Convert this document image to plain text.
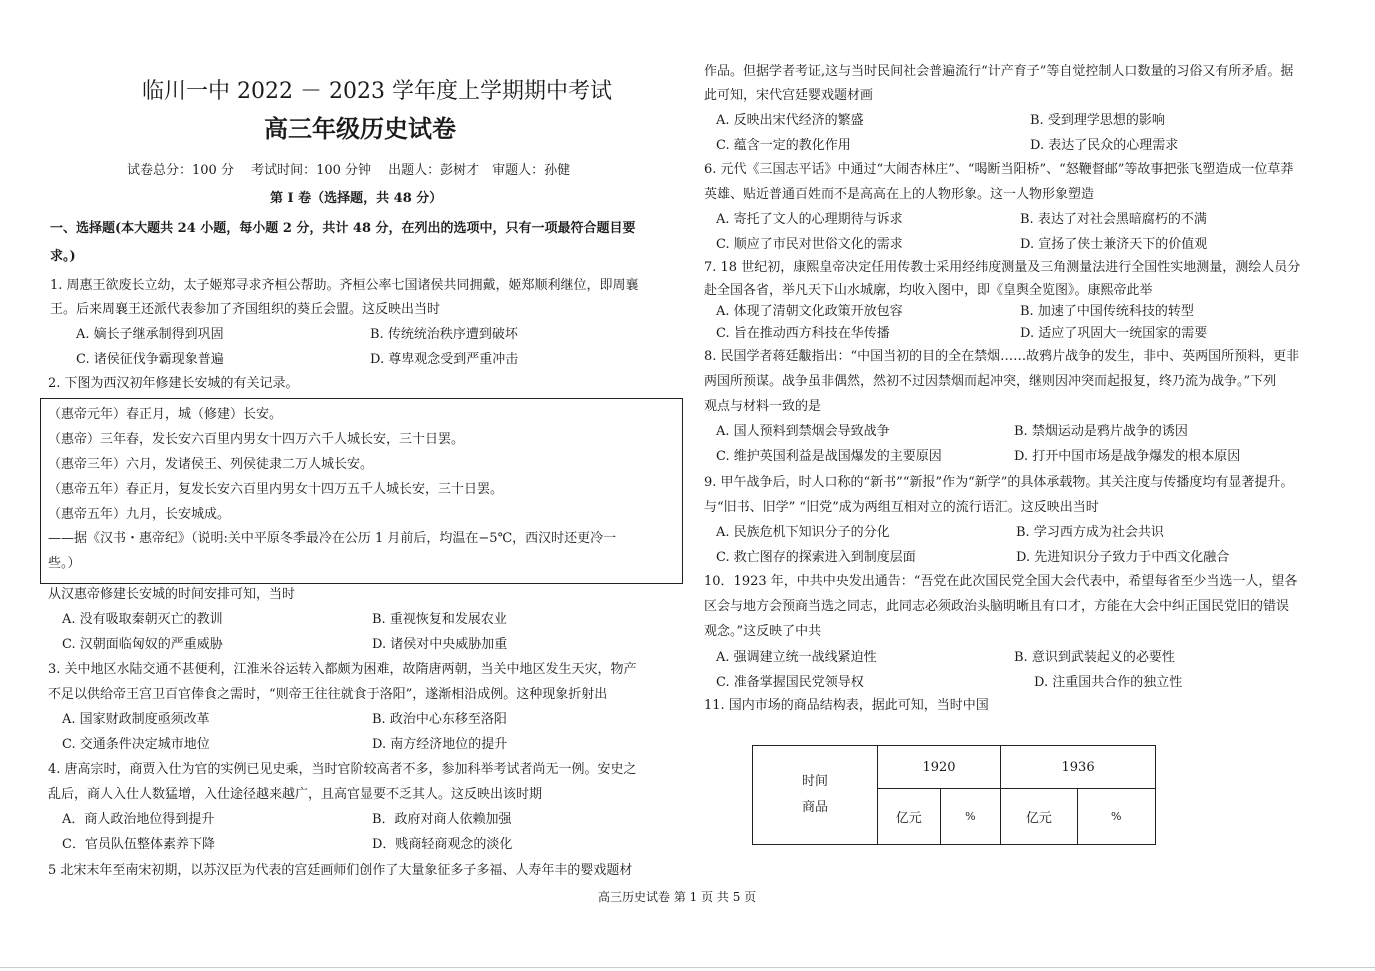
临川一中 2022 － 2023 学年度上学期期中考试
高三年级历史试卷
试卷总分：100 分　 考试时间：100 分钟　 出题人：彭树才　审题人：孙健
第 I 卷（选择题，共 48 分）
一、选择题(本大题共 24 小题，每小题 2 分，共计 48 分，在列出的选项中，只有一项最符合题目要
求。)
1. 周惠王欲废长立幼，太子姬郑寻求齐桓公帮助。齐桓公率七国诸侯共同拥戴，姬郑顺利继位，即周襄
王。后来周襄王还派代表参加了齐国组织的葵丘会盟。这反映出当时
A. 嫡长子继承制得到巩固	B. 传统统治秩序遭到破坏
C. 诸侯征伐争霸现象普遍	D. 尊卑观念受到严重冲击
2. 下图为西汉初年修建长安城的有关记录。
（惠帝元年）春正月，城（修建）长安。
（惠帝）三年春，发长安六百里内男女十四万六千人城长安，三十日罢。
（惠帝三年）六月，发诸侯王、列侯徒隶二万人城长安。
（惠帝五年）春正月，复发长安六百里内男女十四万五千人城长安，三十日罢。
（惠帝五年）九月，长安城成。
——据《汉书・惠帝纪》（说明:关中平原冬季最冷在公历 1 月前后，均温在−5℃，西汉时还更冷一
些。）
从汉惠帝修建长安城的时间安排可知，当时
A. 没有吸取秦朝灭亡的教训	B. 重视恢复和发展农业
C. 汉朝面临匈奴的严重威胁	D. 诸侯对中央威胁加重
3. 关中地区水陆交通不甚便利，江淮米谷运转入都颇为困难，故隋唐两朝，当关中地区发生天灾，物产
不足以供给帝王宫卫百官俸食之需时，“则帝王往往就食于洛阳”，遂渐相沿成例。这种现象折射出
A. 国家财政制度亟须改革	B. 政治中心东移至洛阳
C. 交通条件决定城市地位	D. 南方经济地位的提升
4. 唐高宗时，商贾入仕为官的实例已见史乘，当时官阶较高者不多，参加科举考试者尚无一例。安史之
乱后，商人入仕人数猛增，入仕途径越来越广，且高官显要不乏其人。这反映出该时期
A．商人政治地位得到提升	B．政府对商人依赖加强
C．官员队伍整体素养下降	D．贱商轻商观念的淡化
5 北宋末年至南宋初期，以苏汉臣为代表的宫廷画师们创作了大量象征多子多福、人寿年丰的婴戏题材
作品。但据学者考证,这与当时民间社会普遍流行“计产育子”等自觉控制人口数量的习俗又有所矛盾。据
此可知，宋代宫廷婴戏题材画
A. 反映出宋代经济的繁盛	B. 受到理学思想的影响
C. 蕴含一定的教化作用	D. 表达了民众的心理需求
6. 元代《三国志平话》中通过“大闹杏林庄”、“喝断当阳桥”、“怒鞭督邮”等故事把张飞塑造成一位草莽
英雄、贴近普通百姓而不是高高在上的人物形象。这一人物形象塑造
A. 寄托了文人的心理期待与诉求	B. 表达了对社会黑暗腐朽的不满
C. 顺应了市民对世俗文化的需求	D. 宣扬了侠士兼济天下的价值观
7. 18 世纪初，康熙皇帝决定任用传教士采用经纬度测量及三角测量法进行全国性实地测量，测绘人员分
赴全国各省，举凡天下山水城廓，均收入图中，即《皇舆全览图》。康熙帝此举
A. 体现了清朝文化政策开放包容	B. 加速了中国传统科技的转型
C. 旨在推动西方科技在华传播	D. 适应了巩固大一统国家的需要
8. 民国学者蒋廷黻指出：“中国当初的目的全在禁烟……故鸦片战争的发生，非中、英两国所预料，更非
两国所预谋。战争虽非偶然，然初不过因禁烟而起冲突，继则因冲突而起报复，终乃流为战争。”下列
观点与材料一致的是
A. 国人预料到禁烟会导致战争	B. 禁烟运动是鸦片战争的诱因
C. 维护英国利益是战国爆发的主要原因	D. 打开中国市场是战争爆发的根本原因
9. 甲午战争后，时人口称的“新书”“新报”作为“新学”的具体承载物。其关注度与传播度均有显著提升。
与“旧书、旧学” “旧党”成为两组互相对立的流行语汇。这反映出当时
A. 民族危机下知识分子的分化	B. 学习西方成为社会共识
C. 救亡图存的探索进入到制度层面	D. 先进知识分子致力于中西文化融合
10．1923 年，中共中央发出通告：“吾党在此次国民党全国大会代表中，希望每省至少当选一人，望各
区会与地方会预商当选之同志，此同志必须政治头脑明晰且有口才，方能在大会中纠正国民党旧的错误
观念。”这反映了中共
A. 强调建立统一战线紧迫性	B. 意识到武装起义的必要性
C. 准备掌握国民党领导权	D. 注重国共合作的独立性
11. 国内市场的商品结构表，据此可知，当时中国
时间
商品	1920		1936	
	亿元	%	亿元	%
高三历史试卷 第 1 页 共 5 页
